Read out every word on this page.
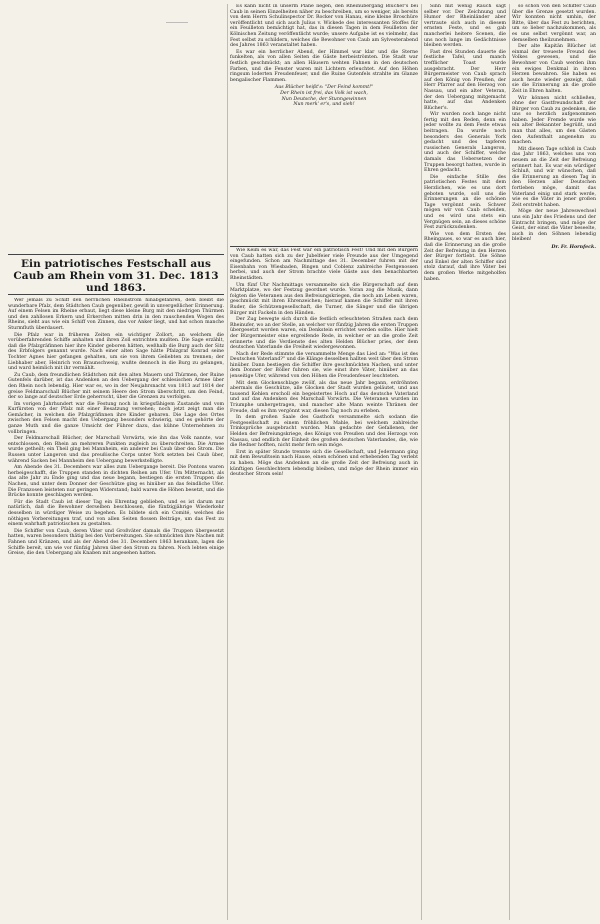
Ein patriotisches Festschall aus Caub am Rhein vom 31. Dec. 1813 und 1863.

Wer jemals zu Schiff den herrlichen Rheinstrom hinabgefahren, dem bleibt die wunderbare Pfalz, dem Städtchen Caub gegenüber, gewiß in unvergeßlicher Erinnerung. Auf einem Felsen im Rheine erbaut, liegt diese kleine Burg mit den niedrigen Thürmen und den zahllosen Erkern und Erkerchen mitten drin in den rauschenden Wogen des Rheins, sieht aus wie ein Schiff von Zinnen, das vor Anker liegt, und hat schon manche Sturmfluth überdauert.

Die Pfalz war in früheren Zeiten ein wichtiger Zollort, an welchem die vorüberfahrenden Schiffe anhalten und ihren Zoll entrichten mußten. Die Sage erzählt, daß die Pfalzgräfinnen hier ihre Kinder geboren hätten, weßhalb die Burg auch der Sitz des Erbfolgers genannt wurde. Nach einer alten Sage hätte Pfalzgraf Konrad seine Tochter Agnes hier gefangen gehalten, um sie von ihrem Geliebten zu trennen; der Liebhaber aber, Heinrich von Braunschweig, wußte dennoch in die Burg zu gelangen, und ward heimlich mit ihr vermählt.

Zu Caub, dem freundlichen Städtchen mit den alten Mauern und Thürmen, der Ruine Gutenfels darüber, ist das Andenken an den Uebergang der schlesischen Armee über den Rhein noch lebendig. Hier war es, wo in der Neujahrsnacht von 1813 auf 1814 der greise Feldmarschall Blücher mit seinem Heere den Strom überschritt, um den Feind, der so lange auf deutscher Erde geherrscht, über die Grenzen zu verfolgen.

Im vorigen Jahrhundert war die Festung noch in kriegsfähigem Zustande und vom Kurfürsten von der Pfalz mit einer Besatzung versehen; noch jetzt zeigt man die Gemächer, in welchen die Pfalzgräfinnen ihre Kinder gebaren. Die Lage des Ortes zwischen den Felsen macht den Uebergang besonders schwierig, und es gehörte der ganze Muth und die ganze Umsicht der Führer dazu, das kühne Unternehmen zu vollbringen.

Der Feldmarschall Blücher, der Marschall Vorwärts, wie ihn das Volk nannte, war entschlossen, den Rhein an mehreren Punkten zugleich zu überschreiten. Die Armee wurde getheilt; ein Theil ging bei Mannheim, ein anderer bei Caub über den Strom. Die Russen unter Langeron und das preußische Corps unter York setzten bei Caub über, während Sacken bei Mannheim den Uebergang bewerkstelligte.

Am Abende des 31. Decembers war alles zum Uebergange bereit. Die Pontons waren herbeigeschafft, die Truppen standen in dichten Reihen am Ufer. Um Mitternacht, als das alte Jahr zu Ende ging und das neue begann, bestiegen die ersten Truppen die Nachen, und unter dem Donner der Geschütze ging es hinüber an das feindliche Ufer. Die Franzosen leisteten nur geringen Widerstand; bald waren die Höhen besetzt, und die Brücke konnte geschlagen werden.

Für die Stadt Caub ist dieser Tag ein Ehrentag geblieben, und es ist darum nur natürlich, daß die Bewohner derselben beschlossen, die fünfzigjährige Wiederkehr desselben in würdiger Weise zu begehen. Es bildete sich ein Comité, welches die nöthigen Vorbereitungen traf, und von allen Seiten flossen Beiträge, um das Fest zu einem wahrhaft patriotischen zu gestalten.

Die Schiffer von Caub, deren Väter und Großväter damals die Truppen übergesetzt hatten, waren besonders thätig bei den Vorbereitungen. Sie schmückten ihre Nachen mit Fahnen und Kränzen, und als der Abend des 31. Decembers 1863 herankam, lagen die Schiffe bereit, um wie vor fünfzig Jahren über den Strom zu fahren. Noch lebten einige Greise, die den Uebergang als Knaben mit angesehen hatten.

Es kann nicht in unserm Plane liegen, den Rheinübergang Blücher's bei Caub in seinen Einzelheiten näher zu beschreiben, um so weniger, als bereits von dem Herrn Schulinspector Dr. Rocker von Hanau, eine kleine Broschüre veröffentlicht und sich auch Julius v. Wickede des interessanten Stoffes für ein Feuilleton bemächtigt hat, das in diesen Tagen in dem Feuilleton der Kölnischen Zeitung veröffentlicht wurde; unsere Aufgabe ist es vielmehr, das Fest selbst zu schildern, welches die Bewohner von Caub am Sylvesterabend des Jahres 1863 veranstaltet haben.

Es war ein herrlicher Abend, der Himmel war klar und die Sterne funkelten, als von allen Seiten die Gäste herbeiströmten. Die Stadt war festlich geschmückt; an allen Häusern wehten Fahnen in den deutschen Farben, und die Fenster waren mit Lichtern erleuchtet. Auf den Höhen ringsum loderten Freudenfeuer, und die Ruine Gutenfels strahlte im Glanze bengalischer Flammen.

Aus Blücher heißt's: "Der Feind kommt!"
Der Rhein ist frei, das Volk ist wach,
Nun Deutsche, der Stunngewinnen
Nun merk' er's, und sieh!

Wie Keim es war, das Fest war ein patriotisch Fest! Und mit den Bürgern von Caub hatten sich zu der Jubelfeier viele Freunde aus der Umgegend eingefunden. Schon am Nachmittage des 31. December fuhren mit der Eisenbahn von Wiesbaden, Bingen und Coblenz zahlreiche Festgenossen herbei, und auch der Strom brachte viele Gäste aus den benachbarten Rheinstädten.

Um fünf Uhr Nachmittags versammelte sich die Bürgerschaft auf dem Marktplatze, wo der Festzug geordnet wurde. Voran zog die Musik, dann folgten die Veteranen aus den Befreiungskriegen, die noch am Leben waren, geschmückt mit ihren Ehrenzeichen; hierauf kamen die Schiffer mit ihren Ruder, die Schützengesellschaft, die Turner, die Sänger und die übrigen Bürger mit Fackeln in den Händen.

Der Zug bewegte sich durch die festlich erleuchteten Straßen nach dem Rheinufer, wo an der Stelle, an welcher vor fünfzig Jahren die ersten Truppen übergesetzt worden waren, ein Denkstein errichtet werden sollte. Hier hielt der Bürgermeister eine ergreifende Rede, in welcher er an die große Zeit erinnerte und die Verdienste des alten Helden Blücher pries, der dem deutschen Vaterlande die Freiheit wiedergewonnen.

Nach der Rede stimmte die versammelte Menge das Lied an: "Was ist des Deutschen Vaterland?" und die Klänge desselben hallten weit über den Strom hinüber. Dann bestiegen die Schiffer ihre geschmückten Nachen, und unter dem Donner der Böller fuhren sie, wie einst ihre Väter, hinüber an das jenseitige Ufer, während von den Höhen die Freudenfeuer leuchteten.

Mit dem Glockenschlage zwölf, als das neue Jahr begann, erdröhnten abermals die Geschütze, alle Glocken der Stadt wurden geläutet, und aus tausend Kehlen erscholl ein begeistertes Hoch auf das deutsche Vaterland und auf das Andenken des Marschall Vorwärts. Die Veteranen wurden im Triumphe umhergetragen, und mancher alte Mann weinte Thränen der Freude, daß es ihm vergönnt war, diesen Tag noch zu erleben.

In dem großen Saale des Gasthofs versammelte sich sodann die Festgesellschaft zu einem fröhlichen Mahle, bei welchem zahlreiche Trinksprüche ausgebracht wurden. Man gedachte der Gefallenen, der Helden der Befreiungskriege, des Königs von Preußen und des Herzogs von Nassau, und endlich der Einheit des großen deutschen Vaterlandes, die, wie die Redner hofften, nicht mehr fern sein möge.

Erst in später Stunde trennte sich die Gesellschaft, und Jedermann ging mit dem Bewußtsein nach Hause, einen schönen und erhebenden Tag verlebt zu haben. Möge das Andenken an die große Zeit der Befreiung auch in künftigen Geschlechtern lebendig bleiben, und möge der Rhein immer ein deutscher Strom sein!

Sinn mit wenig Rauch sagt selber vor. Der Zeichnung und Humor der Rheinländer aber vertraute sich auch in diesem ernsten Feste, und es gab mancherlei heitere Scenen, die uns noch lange im Gedächtnisse bleiben werden.

Fast drei Stunden dauerte die festliche Tafel, und manch trefflicher Toast wurde ausgebracht. Der Herr Bürgermeister von Caub sprach auf den König von Preußen, der Herr Pfarrer auf den Herzog von Nassau, und ein alter Veteran, der den Uebergang mitgemacht hatte, auf das Andenken Blücher's.

Wir wurden noch lange nicht fertig mit den Reden, denn ein jeder wollte zu dem Feste etwas beitragen. Da wurde noch besonders des Generals York gedacht und des tapferen russischen Generals Langeron, und auch der Schiffer, welche damals das Uebersetzen der Truppen besorgt hatten, wurde in Ehren gedacht.

Die einfache Stille des patriotischen Festes mit dem Herzlichen, wie es uns dort geboten wurde, soll uns die Erinnerungen an die schönen Tage vergönnt sein. Schwer mögen wir von Caub scheiden, und es wird uns stets ein Vergnügen sein, an dieses schöne Fest zurückzudenken.

Wie von dem Ersten des Rheingaues, so war es auch hier, daß die Erinnerung an die große Zeit der Befreiung in den Herzen der Bürger fortlebt. Die Söhne und Enkel der alten Schiffer sind stolz darauf, daß ihre Väter bei dem großen Werke mitgeholfen haben.

so schon von den Schiffer Caub über die Grenze gesetzt wurden. Wir konnten nicht umhin, der Bitte, über das Fest zu berichten, um so lieber nachzukommen, als es uns selbst vergönnt war, an demselben theilzunehmen.

Der alte Kapitän Blücher ist einmal der treueste Freund des Volkes gewesen, und die Bewohner von Caub werden ihm ein ewiges Denkmal in ihren Herzen bewahren. Sie haben es auch heute wieder gezeigt, daß sie die Erinnerung an die große Zeit in Ehren halten.

Wir können nicht schließen, ohne der Gastfreundschaft der Bürger von Caub zu gedenken, die uns so herzlich aufgenommen haben. Jeder Fremde wurde wie ein alter Bekannter begrüßt, und man that alles, um den Gästen den Aufenthalt angenehm zu machen.

Mit diesen Tage schloß in Caub das Jahr 1863, welches uns von neuem an die Zeit der Befreiung erinnert hat. Es war ein würdiger Schluß, und wir wünschen, daß die Erinnerung an diesen Tag in den Herzen aller Deutschen fortleben möge, damit das Vaterland einig und stark werde, wie es die Väter in jener großen Zeit erstrebt haben.

Möge der neue Jahreswechsel uns ein Jahr des Friedens und der Eintracht bringen, und möge der Geist, der einst die Väter beseelte, auch in den Söhnen lebendig bleiben!

Dr. Fr. Hornfeck.
